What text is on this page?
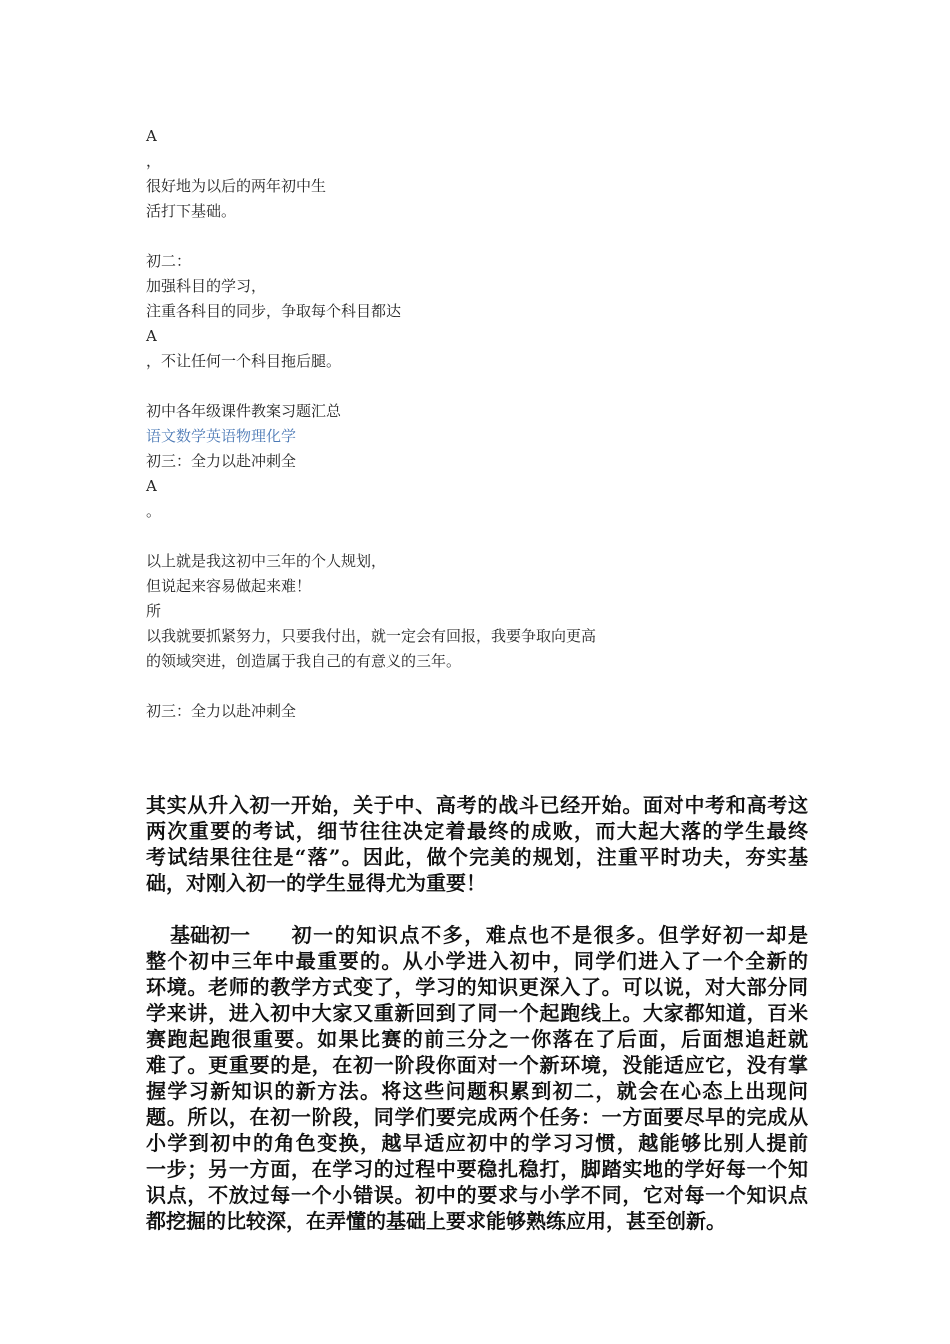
A
，
很好地为以后的两年初中生
活打下基础。
初二：
加强科目的学习，
注重各科目的同步，争取每个科目都达
A
，不让任何一个科目拖后腿。
初中各年级课件教案习题汇总
语文数学英语物理化学
初三：全力以赴冲刺全
A
。
以上就是我这初中三年的个人规划，
但说起来容易做起来难！
所
以我就要抓紧努力，只要我付出，就一定会有回报，我要争取向更高
的领域突进，创造属于我自己的有意义的三年。
初三：全力以赴冲刺全
其实从升入初一开始，关于中、高考的战斗已经开始。面对中考和高考这
两次重要的考试，细节往往决定着最终的成败，而大起大落的学生最终
考试结果往往是“落”。因此，做个完美的规划，注重平时功夫，夯实基
础，对刚入初一的学生显得尤为重要！
基础初一 初一的知识点不多，难点也不是很多。但学好初一却是
整个初中三年中最重要的。从小学进入初中，同学们进入了一个全新的
环境。老师的教学方式变了，学习的知识更深入了。可以说，对大部分同
学来讲，进入初中大家又重新回到了同一个起跑线上。大家都知道，百米
赛跑起跑很重要。如果比赛的前三分之一你落在了后面，后面想追赶就
难了。更重要的是，在初一阶段你面对一个新环境，没能适应它，没有掌
握学习新知识的新方法。将这些问题积累到初二，就会在心态上出现问
题。所以，在初一阶段，同学们要完成两个任务：一方面要尽早的完成从
小学到初中的角色变换，越早适应初中的学习习惯，越能够比别人提前
一步；另一方面，在学习的过程中要稳扎稳打，脚踏实地的学好每一个知
识点，不放过每一个小错误。初中的要求与小学不同，它对每一个知识点
都挖掘的比较深，在弄懂的基础上要求能够熟练应用，甚至创新。
